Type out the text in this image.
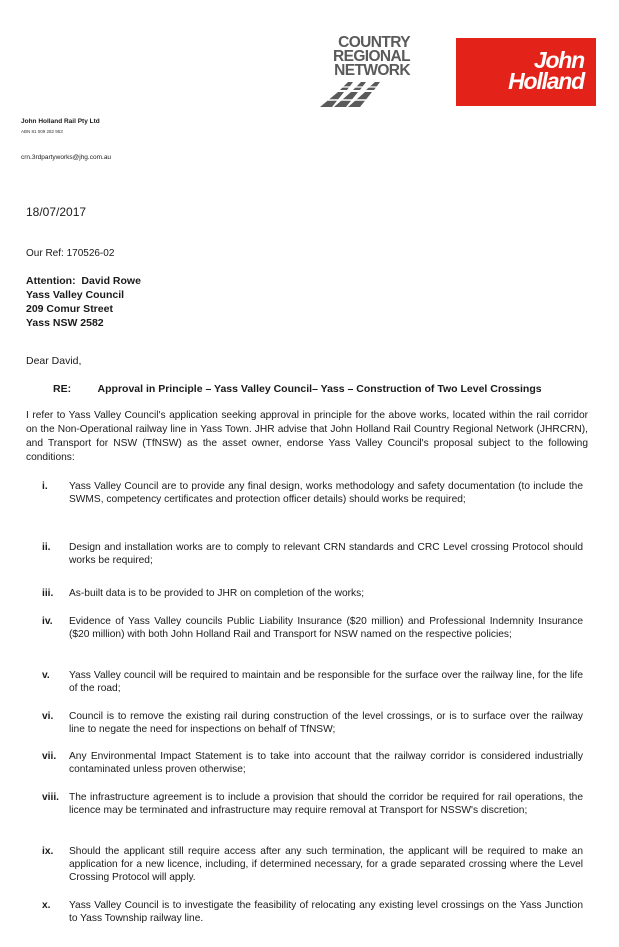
COUNTRY
REGIONAL
NETWORK	John
Holland
John Holland Rail Pty Ltd
ABN 81 009 282 953
crn.3rdpartyworks@jhg.com.au
18/07/2017
Our Ref: 170526-02
Attention: David Rowe
Yass Valley Council
209 Comur Street
Yass NSW 2582
Dear David,
RE:	Approval in Principle – Yass Valley Council– Yass – Construction of Two Level Crossings
I refer to Yass Valley Council's application seeking approval in principle for the above works, located within the rail corridor on the Non-Operational railway line in Yass Town. JHR advise that John Holland Rail Country Regional Network (JHRCRN), and Transport for NSW (TfNSW) as the asset owner, endorse Yass Valley Council's proposal subject to the following conditions:
i.	Yass Valley Council are to provide any final design, works methodology and safety documentation (to include the SWMS, competency certificates and protection officer details) should works be required;
ii.	Design and installation works are to comply to relevant CRN standards and CRC Level crossing Protocol should works be required;
iii.	As-built data is to be provided to JHR on completion of the works;
iv.	Evidence of Yass Valley councils Public Liability Insurance ($20 million) and Professional Indemnity Insurance ($20 million) with both John Holland Rail and Transport for NSW named on the respective policies;
v.	Yass Valley council will be required to maintain and be responsible for the surface over the railway line, for the life of the road;
vi.	Council is to remove the existing rail during construction of the level crossings, or is to surface over the railway line to negate the need for inspections on behalf of TfNSW;
vii.	Any Environmental Impact Statement is to take into account that the railway corridor is considered industrially contaminated unless proven otherwise;
viii. The infrastructure agreement is to include a provision that should the corridor be required for rail operations, the licence may be terminated and infrastructure may require removal at Transport for NSSW's discretion;
ix.	Should the applicant still require access after any such termination, the applicant will be required to make an application for a new licence, including, if determined necessary, for a grade separated crossing where the Level Crossing Protocol will apply.
x.	Yass Valley Council is to investigate the feasibility of relocating any existing level crossings on the Yass Junction to Yass Township railway line.
